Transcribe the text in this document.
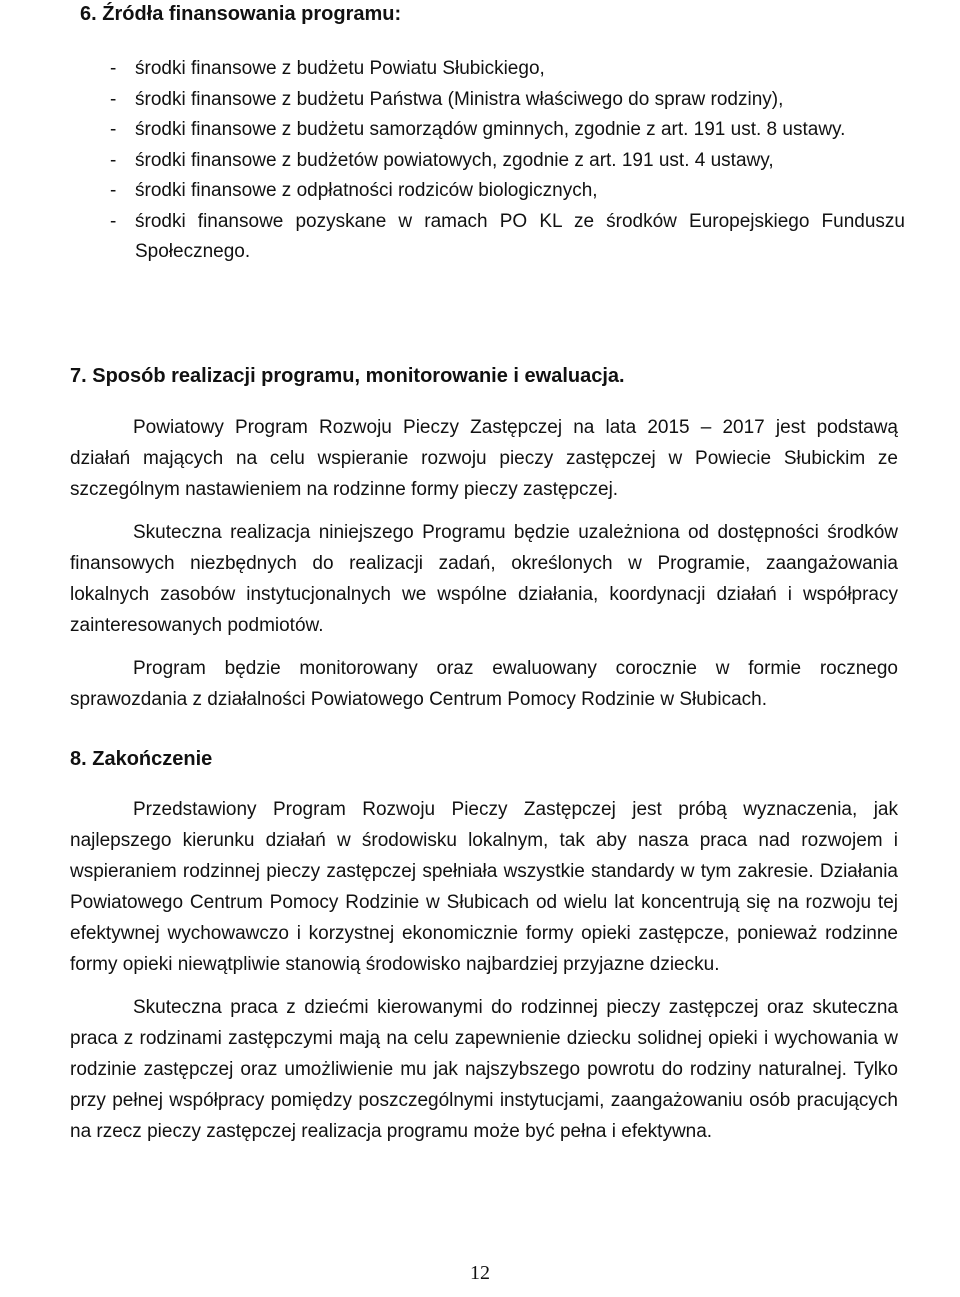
6. Źródła finansowania programu:
- środki finansowe z budżetu Powiatu Słubickiego,
- środki finansowe z budżetu Państwa (Ministra właściwego do spraw rodziny),
- środki finansowe z budżetu samorządów gminnych, zgodnie z art. 191 ust. 8 ustawy.
- środki finansowe z budżetów powiatowych, zgodnie z art. 191 ust. 4 ustawy,
- środki finansowe z odpłatności rodziców biologicznych,
- środki finansowe pozyskane w ramach PO KL ze środków Europejskiego Funduszu Społecznego.
7. Sposób realizacji programu, monitorowanie i ewaluacja.

Powiatowy Program Rozwoju Pieczy Zastępczej na lata 2015 – 2017 jest podstawą działań mających na celu wspieranie rozwoju pieczy zastępczej w Powiecie Słubickim ze szczególnym nastawieniem na rodzinne formy pieczy zastępczej.

Skuteczna realizacja niniejszego Programu będzie uzależniona od dostępności środków finansowych niezbędnych do realizacji zadań, określonych w Programie, zaangażowania lokalnych zasobów instytucjonalnych we wspólne działania, koordynacji działań i współpracy zainteresowanych podmiotów.

Program będzie monitorowany oraz ewaluowany corocznie w formie rocznego sprawozdania z działalności Powiatowego Centrum Pomocy Rodzinie w Słubicach.

8. Zakończenie

Przedstawiony Program Rozwoju Pieczy Zastępczej jest próbą wyznaczenia, jak najlepszego kierunku działań w środowisku lokalnym, tak aby nasza praca nad rozwojem i wspieraniem rodzinnej pieczy zastępczej spełniała wszystkie standardy w tym zakresie. Działania Powiatowego Centrum Pomocy Rodzinie w Słubicach od wielu lat koncentrują się na rozwoju tej efektywnej wychowawczo i korzystnej ekonomicznie formy opieki zastępcze, ponieważ rodzinne formy opieki niewątpliwie stanowią środowisko najbardziej przyjazne dziecku.

Skuteczna praca z dziećmi kierowanymi do rodzinnej pieczy zastępczej oraz skuteczna praca z rodzinami zastępczymi mają na celu zapewnienie dziecku solidnej opieki i wychowania w rodzinie zastępczej oraz umożliwienie mu jak najszybszego powrotu do rodziny naturalnej. Tylko przy pełnej współpracy pomiędzy poszczególnymi instytucjami, zaangażowaniu osób pracujących na rzecz pieczy zastępczej realizacja programu może być pełna i efektywna.

12
